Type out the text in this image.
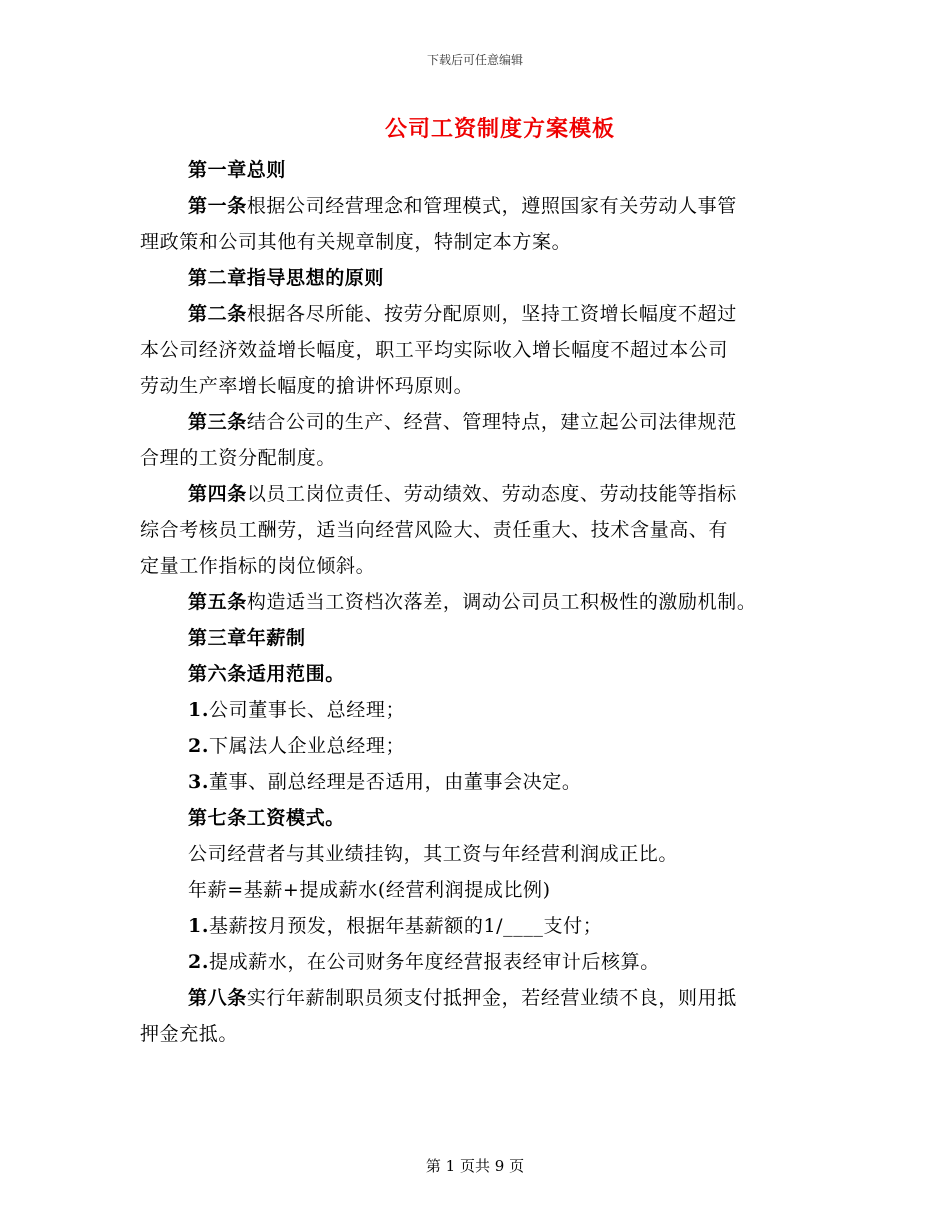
下载后可任意编辑
公司工资制度方案模板

第一章总则

第一条根据公司经营理念和管理模式，遵照国家有关劳动人事管

理政策和公司其他有关规章制度，特制定本方案。

第二章指导思想的原则

第二条根据各尽所能、按劳分配原则，坚持工资增长幅度不超过

本公司经济效益增长幅度，职工平均实际收入增长幅度不超过本公司

劳动生产率增长幅度的搶讲怀玛原则。

第三条结合公司的生产、经营、管理特点，建立起公司法律规范

合理的工资分配制度。

第四条以员工岗位责任、劳动绩效、劳动态度、劳动技能等指标

综合考核员工酬劳，适当向经营风险大、责任重大、技术含量高、有

定量工作指标的岗位倾斜。

第五条构造适当工资档次落差，调动公司员工积极性的激励机制。

第三章年薪制

第六条适用范围。

1.公司董事长、总经理；

2.下属法人企业总经理；

3.董事、副总经理是否适用，由董事会决定。

第七条工资模式。

公司经营者与其业绩挂钩，其工资与年经营利润成正比。

年薪=基薪+提成薪水(经营利润提成比例)

1.基薪按月预发，根据年基薪额的1/____支付；

2.提成薪水，在公司财务年度经营报表经审计后核算。

第八条实行年薪制职员须支付抵押金，若经营业绩不良，则用抵

押金充抵。

第 1 页共 9 页
